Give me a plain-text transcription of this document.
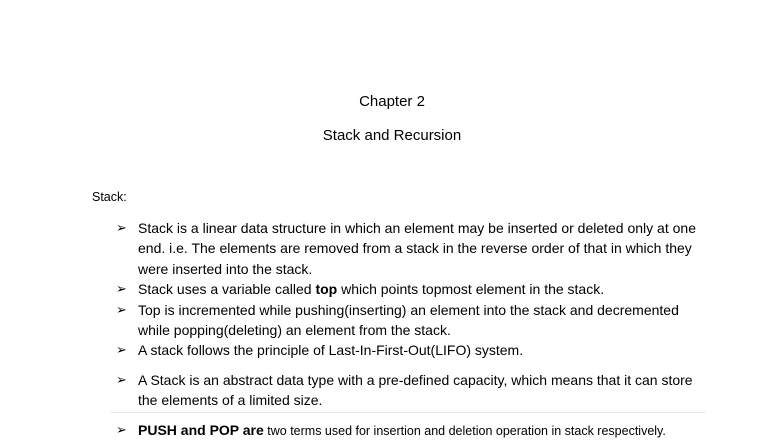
Chapter 2
Stack and Recursion
Stack:

➢ Stack is a linear data structure in which an element may be inserted or deleted only at one end. i.e. The elements are removed from a stack in the reverse order of that in which they were inserted into the stack.

➢ Stack uses a variable called top which points topmost element in the stack.

➢ Top is incremented while pushing(inserting) an element into the stack and decremented while popping(deleting) an element from the stack.

➢ A stack follows the principle of Last-In-First-Out(LIFO) system.

➢ A Stack is an abstract data type with a pre-defined capacity, which means that it can store the elements of a limited size.

➢ PUSH and POP are two terms used for insertion and deletion operation in stack respectively.
